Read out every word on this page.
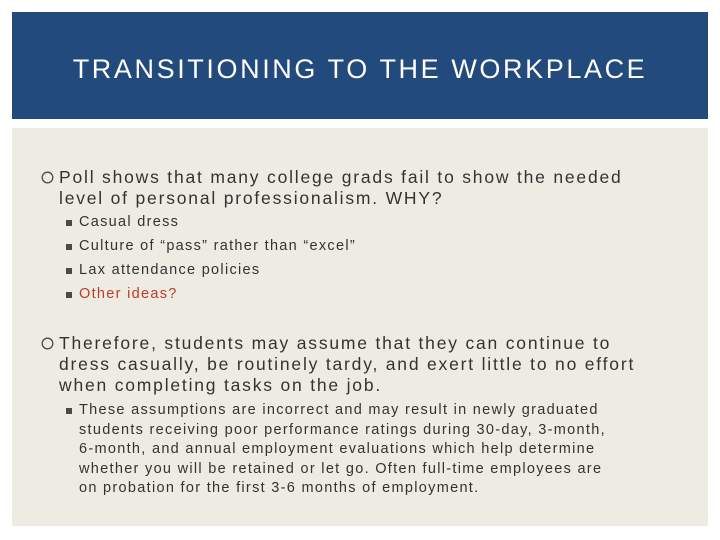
TRANSITIONING TO THE WORKPLACE
Poll shows that many college grads fail to show the needed
level of personal professionalism. WHY?
Casual dress
Culture of “pass” rather than “excel”
Lax attendance policies
Other ideas?
Therefore, students may assume that they can continue to
dress casually, be routinely tardy, and exert little to no effort
when completing tasks on the job.
These assumptions are incorrect and may result in newly graduated
students receiving poor performance ratings during 30-day, 3-month,
6-month, and annual employment evaluations which help determine
whether you will be retained or let go. Often full-time employees are
on probation for the first 3-6 months of employment.
